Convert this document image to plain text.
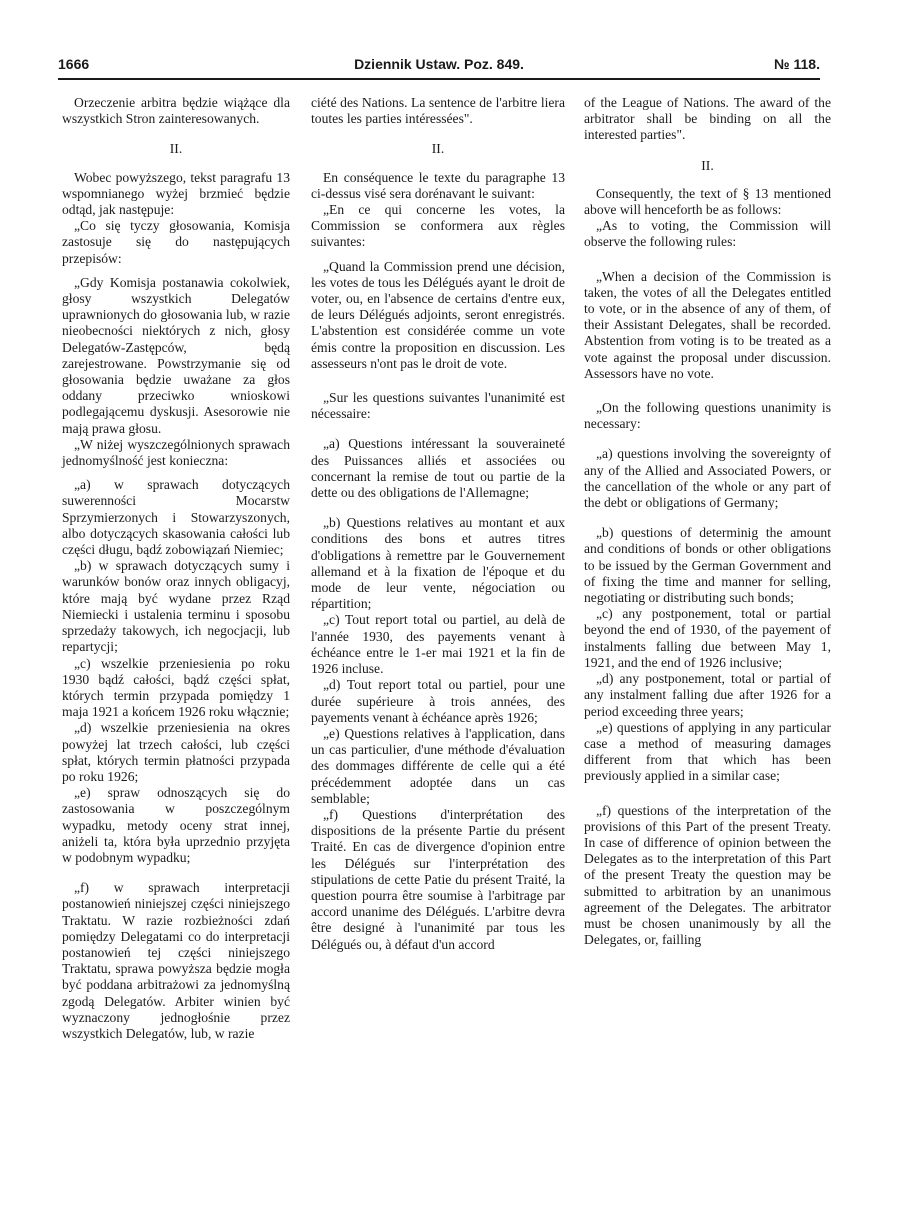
1666	Dziennik Ustaw. Poz. 849.	№ 118.

Orzeczenie arbitra będzie wiążące dla wszystkich Stron zainteresowanych.

II.

Wobec powyższego, tekst paragrafu 13 wspomnianego wyżej brzmieć będzie odtąd, jak następuje:

„Co się tyczy głosowania, Komisja zastosuje się do następujących przepisów:

„Gdy Komisja postanawia cokolwiek, głosy wszystkich Delegatów uprawnionych do głosowania lub, w razie nieobecności niektórych z nich, głosy Delegatów-Zastępców, będą zarejestrowane. Powstrzymanie się od głosowania będzie uważane za głos oddany przeciwko wnioskowi podlegającemu dyskusji. Asesorowie nie mają prawa głosu.

„W niżej wyszczególnionych sprawach jednomyślność jest konieczna:

„a) w sprawach dotyczących suwerenności Mocarstw Sprzymierzonych i Stowarzyszonych, albo dotyczących skasowania całości lub części długu, bądź zobowiązań Niemiec;

„b) w sprawach dotyczących sumy i warunków bonów oraz innych obligacyj, które mają być wydane przez Rząd Niemiecki i ustalenia terminu i sposobu sprzedaży takowych, ich negocjacji, lub repartycji;

„c) wszelkie przeniesienia po roku 1930 bądź całości, bądź części spłat, których termin przypada pomiędzy 1 maja 1921 a końcem 1926 roku włącznie;

„d) wszelkie przeniesienia na okres powyżej lat trzech całości, lub części spłat, których termin płatności przypada po roku 1926;

„e) spraw odnoszących się do zastosowania w poszczególnym wypadku, metody oceny strat innej, aniżeli ta, która była uprzednio przyjęta w podobnym wypadku;

„f) w sprawach interpretacji postanowień niniejszej części niniejszego Traktatu. W razie rozbieżności zdań pomiędzy Delegatami co do interpretacji postanowień tej części niniejszego Traktatu, sprawa powyższa będzie mogła być poddana arbitrażowi za jednomyślną zgodą Delegatów. Arbiter winien być wyznaczony jednogłośnie przez wszystkich Delegatów, lub, w razie

ciété des Nations. La sentence de l'arbitre liera toutes les parties intéressées".

II.

En conséquence le texte du paragraphe 13 ci-dessus visé sera dorénavant le suivant:

„En ce qui concerne les votes, la Commission se conformera aux règles suivantes:

„Quand la Commission prend une décision, les votes de tous les Délégués ayant le droit de voter, ou, en l'absence de certains d'entre eux, de leurs Délégués adjoints, seront enregistrés. L'abstention est considérée comme un vote émis contre la proposition en discussion. Les assesseurs n'ont pas le droit de vote.

„Sur les questions suivantes l'unanimité est nécessaire:

„a) Questions intéressant la souveraineté des Puissances alliés et associées ou concernant la remise de tout ou partie de la dette ou des obligations de l'Allemagne;

„b) Questions relatives au montant et aux conditions des bons et autres titres d'obligations à remettre par le Gouvernement allemand et à la fixation de l'époque et du mode de leur vente, négociation ou répartition;

„c) Tout report total ou partiel, au delà de l'année 1930, des payements venant à échéance entre le 1-er mai 1921 et la fin de 1926 incluse.

„d) Tout report total ou partiel, pour une durée supérieure à trois années, des payements venant à échéance après 1926;

„e) Questions relatives à l'application, dans un cas particulier, d'une méthode d'évaluation des dommages différente de celle qui a été précédemment adoptée dans un cas semblable;

„f) Questions d'interprétation des dispositions de la présente Partie du présent Traité. En cas de divergence d'opinion entre les Délégués sur l'interprétation des stipulations de cette Patie du présent Traité, la question pourra être soumise à l'arbitrage par accord unanime des Délégués. L'arbitre devra être designé à l'unanimité par tous les Délégués ou, à défaut d'un accord

of the League of Nations. The award of the arbitrator shall be binding on all the interested parties".

II.

Consequently, the text of § 13 mentioned above will henceforth be as follows:

„As to voting, the Commission will observe the following rules:

„When a decision of the Commission is taken, the votes of all the Delegates entitled to vote, or in the absence of any of them, of their Assistant Delegates, shall be recorded. Abstention from voting is to be treated as a vote against the proposal under discussion. Assessors have no vote.

„On the following questions unanimity is necessary:

„a) questions involving the sovereignty of any of the Allied and Associated Powers, or the cancellation of the whole or any part of the debt or obligations of Germany;

„b) questions of determinig the amount and conditions of bonds or other obligations to be issued by the German Government and of fixing the time and manner for selling, negotiating or distributing such bonds;

„c) any postponement, total or partial beyond the end of 1930, of the payement of instalments falling due between May 1, 1921, and the end of 1926 inclusive;

„d) any postponement, total or partial of any instalment falling due after 1926 for a period exceeding three years;

„e) questions of applying in any particular case a method of measuring damages different from that which has been previously applied in a similar case;

„f) questions of the interpretation of the provisions of this Part of the present Treaty. In case of difference of opinion between the Delegates as to the interpretation of this Part of the present Treaty the question may be submitted to arbitration by an unanimous agreement of the Delegates. The arbitrator must be chosen unanimously by all the Delegates, or, failling
